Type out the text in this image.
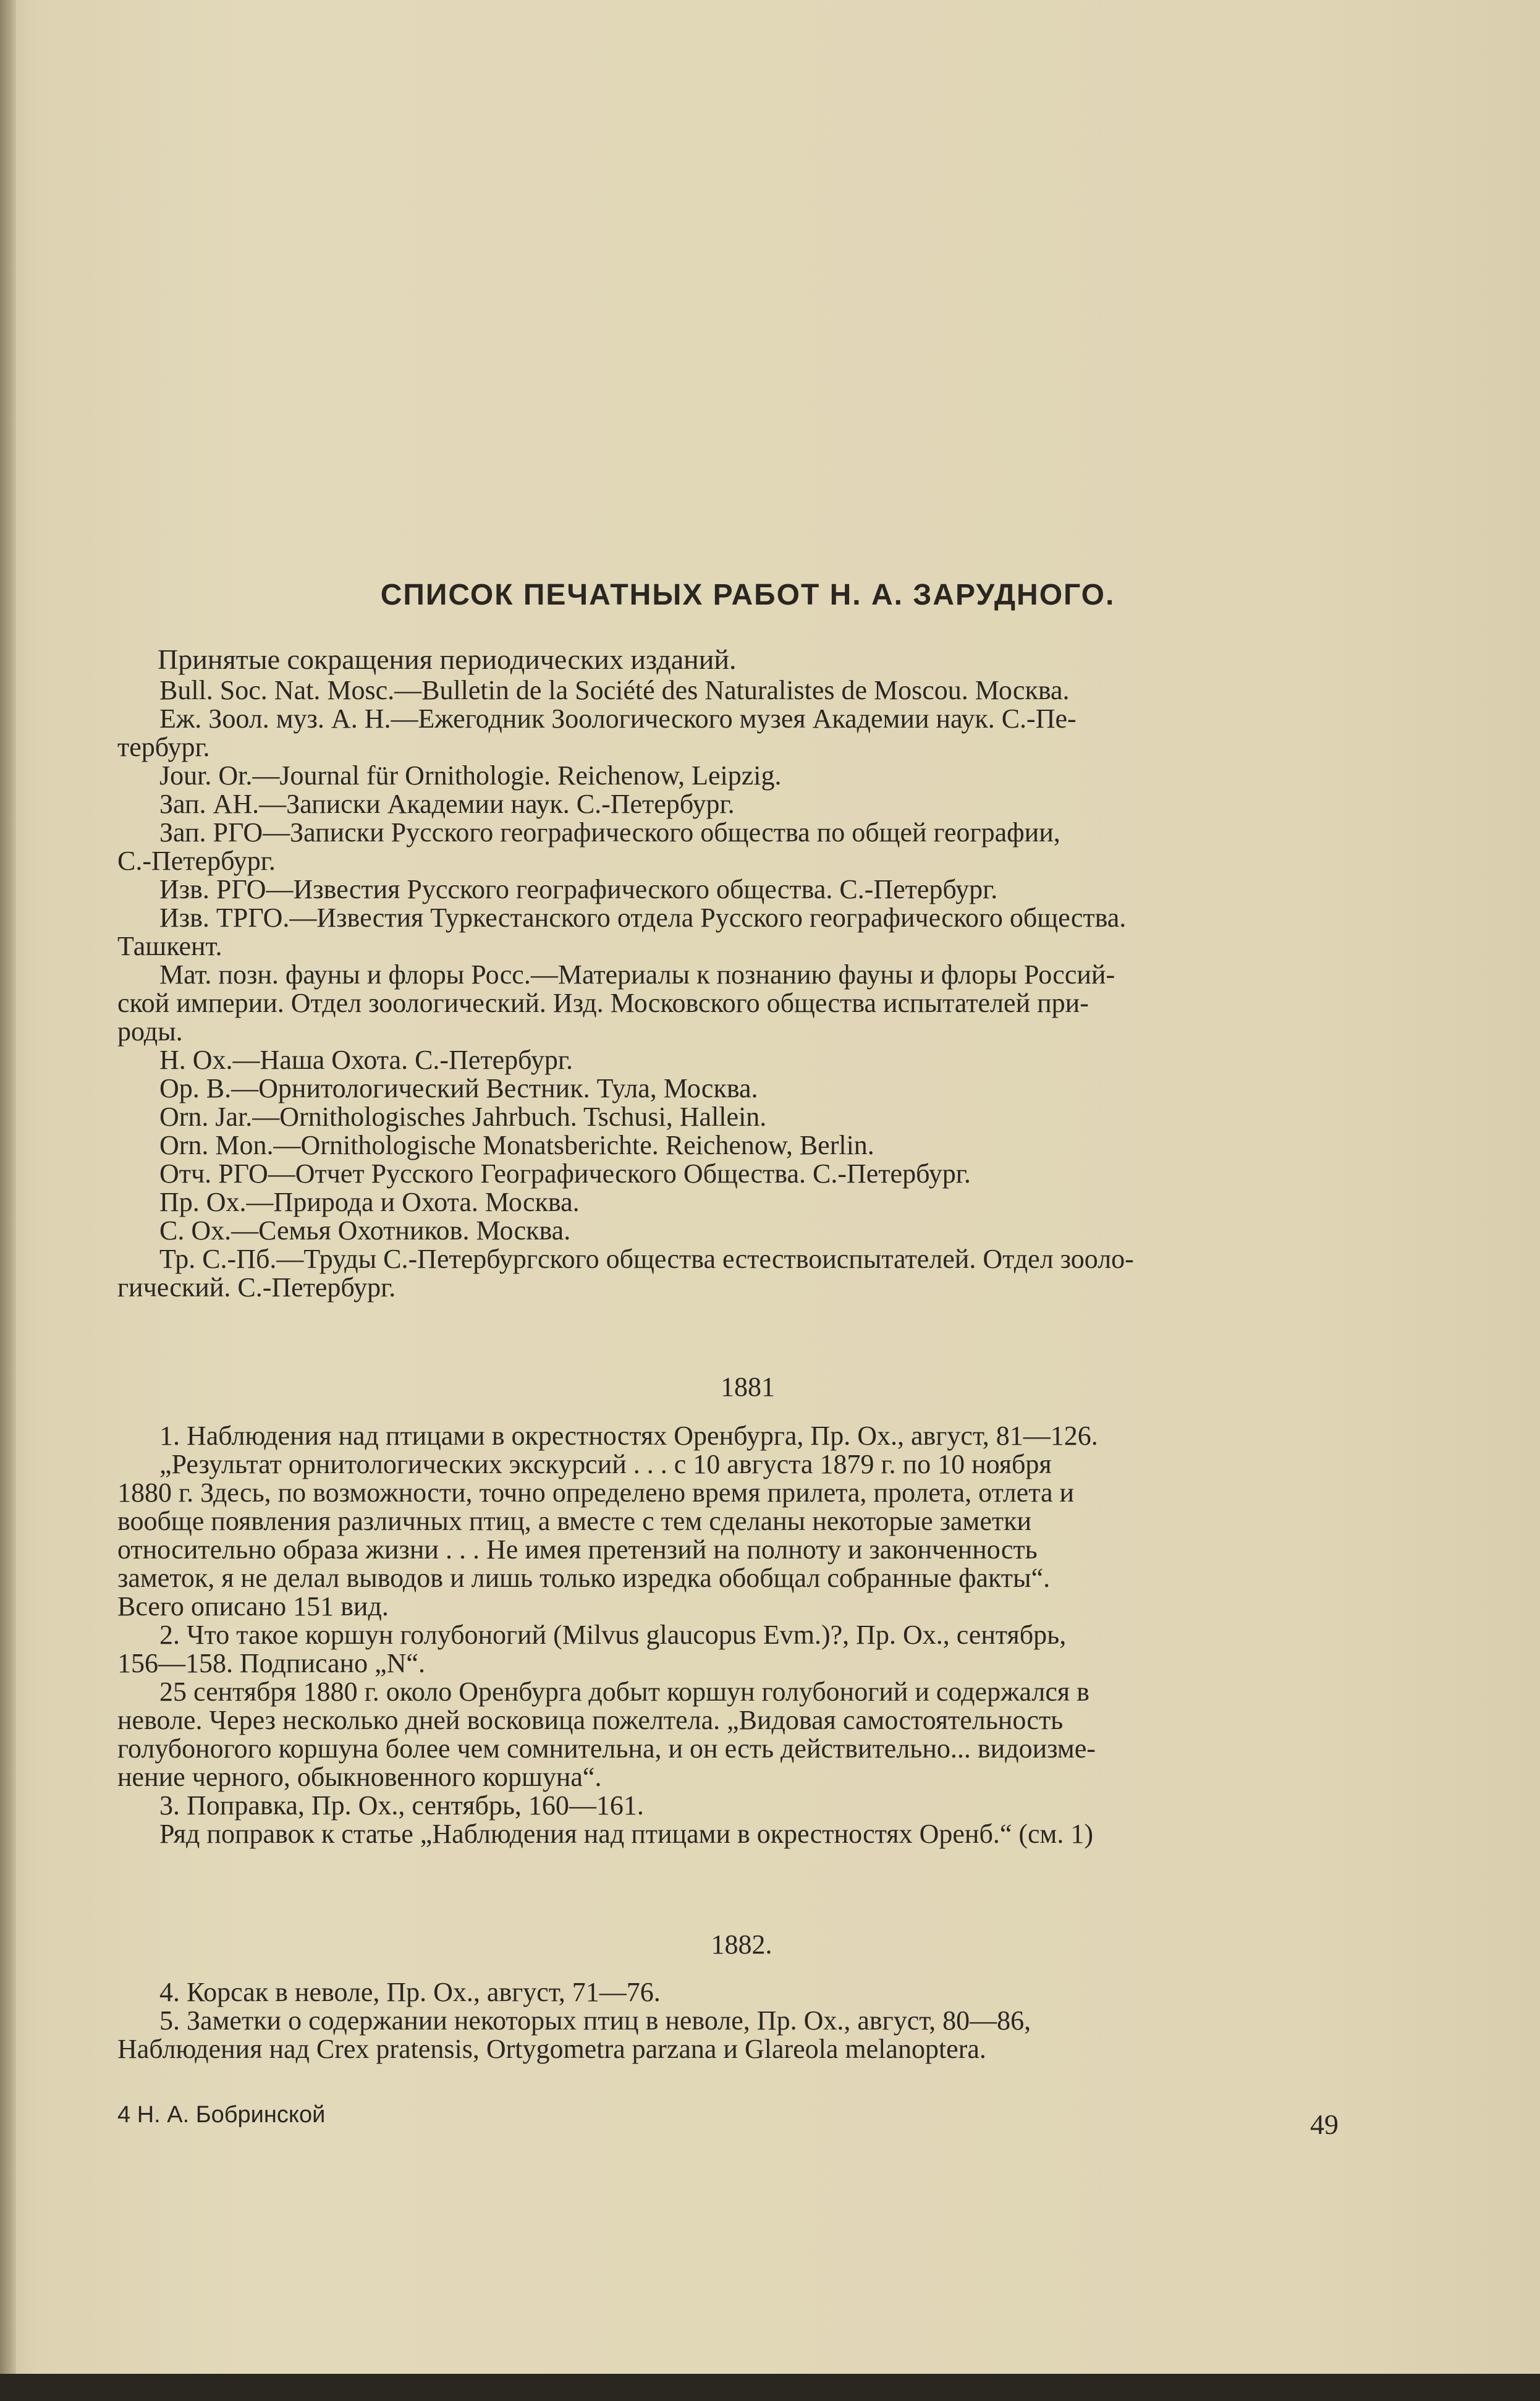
СПИСОК ПЕЧАТНЫХ РАБОТ Н. А. ЗАРУДНОГО.
Принятые сокращения периодических изданий.
Bull. Soc. Nat. Mosc.—Bulletin de la Société des Naturalistes de Moscou. Москва.
Еж. Зоол. муз. А. Н.—Ежегодник Зоологического музея Академии наук. С.-Пе-
тербург.
Jour. Or.—Journal für Ornithologie. Reichenow, Leipzig.
Зап. АН.—Записки Академии наук. С.-Петербург.
Зап. РГО—Записки Русского географического общества по общей географии,
С.-Петербург.
Изв. РГО—Известия Русского географического общества. С.-Петербург.
Изв. ТРГО.—Известия Туркестанского отдела Русского географического общества.
Ташкент.
Мат. позн. фауны и флоры Росс.—Материалы к познанию фауны и флоры Россий-
ской империи. Отдел зоологический. Изд. Московского общества испытателей при-
роды.
Н. Ох.—Наша Охота. С.-Петербург.
Ор. В.—Орнитологический Вестник. Тула, Москва.
Orn. Jar.—Ornithologisches Jahrbuch. Tschusi, Hallein.
Orn. Mon.—Ornithologische Monatsberichte. Reichenow, Berlin.
Отч. РГО—Отчет Русского Географического Общества. С.-Петербург.
Пр. Ох.—Природа и Охота. Москва.
С. Ох.—Семья Охотников. Москва.
Тр. С.-Пб.—Труды С.-Петербургского общества естествоиспытателей. Отдел зооло-
гический. С.-Петербург.
1881
1. Наблюдения над птицами в окрестностях Оренбурга, Пр. Ох., август, 81—126.
„Результат орнитологических экскурсий . . . с 10 августа 1879 г. по 10 ноября
1880 г. Здесь, по возможности, точно определено время прилета, пролета, отлета и
вообще появления различных птиц, а вместе с тем сделаны некоторые заметки
относительно образа жизни . . . Не имея претензий на полноту и законченность
заметок, я не делал выводов и лишь только изредка обобщал собранные факты“.
Всего описано 151 вид.
2. Что такое коршун голубоногий (Milvus glaucopus Evm.)?, Пр. Ох., сентябрь,
156—158. Подписано „N“.
25 сентября 1880 г. около Оренбурга добыт коршун голубоногий и содержался в
неволе. Через несколько дней восковица пожелтела. „Видовая самостоятельность
голубоногого коршуна более чем сомнительна, и он есть действительно... видоизме-
нение черного, обыкновенного коршуна“.
3. Поправка, Пр. Ох., сентябрь, 160—161.
Ряд поправок к статье „Наблюдения над птицами в окрестностях Оренб.“ (см. 1)
1882.
4. Корсак в неволе, Пр. Ох., август, 71—76.
5. Заметки о содержании некоторых птиц в неволе, Пр. Ох., август, 80—86,
Наблюдения над Crex pratensis, Ortygometra parzana и Glareola melanoptera.
4 Н. А. Бобринской	49
